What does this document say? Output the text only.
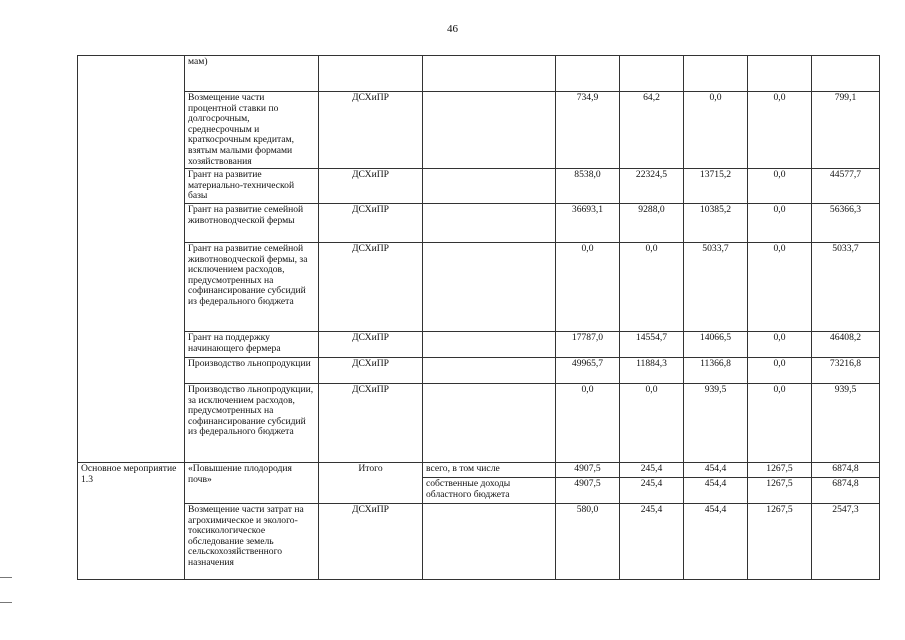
46
	мам)							
	Возмещение части процентной ставки по долгосрочным, среднесрочным и краткосрочным кредитам, взятым малыми формами хозяйствования	ДСХиПР		734,9	64,2	0,0	0,0	799,1
	Грант на развитие материально-технической базы	ДСХиПР		8538,0	22324,5	13715,2	0,0	44577,7
	Грант на развитие семейной животноводческой фермы	ДСХиПР		36693,1	9288,0	10385,2	0,0	56366,3
	Грант на развитие семейной животноводческой фермы, за исключением расходов, предусмотренных на софинансирование субсидий из федерального бюджета	ДСХиПР		0,0	0,0	5033,7	0,0	5033,7
	Грант на поддержку начинающего фермера	ДСХиПР		17787,0	14554,7	14066,5	0,0	46408,2
	Производство льнопродукции	ДСХиПР		49965,7	11884,3	11366,8	0,0	73216,8
	Производство льнопродукции, за исключением расходов, предусмотренных на софинансирование субсидий из федерального бюджета	ДСХиПР		0,0	0,0	939,5	0,0	939,5
Основное мероприятие 1.3	«Повышение плодородия почв»	Итого	всего, в том числе	4907,5	245,4	454,4	1267,5	6874,8
			собственные доходы областного бюджета	4907,5	245,4	454,4	1267,5	6874,8
	Возмещение части затрат на агрохимическое и эколого-токсикологическое обследование земель сельскохозяйственного назначения	ДСХиПР		580,0	245,4	454,4	1267,5	2547,3
